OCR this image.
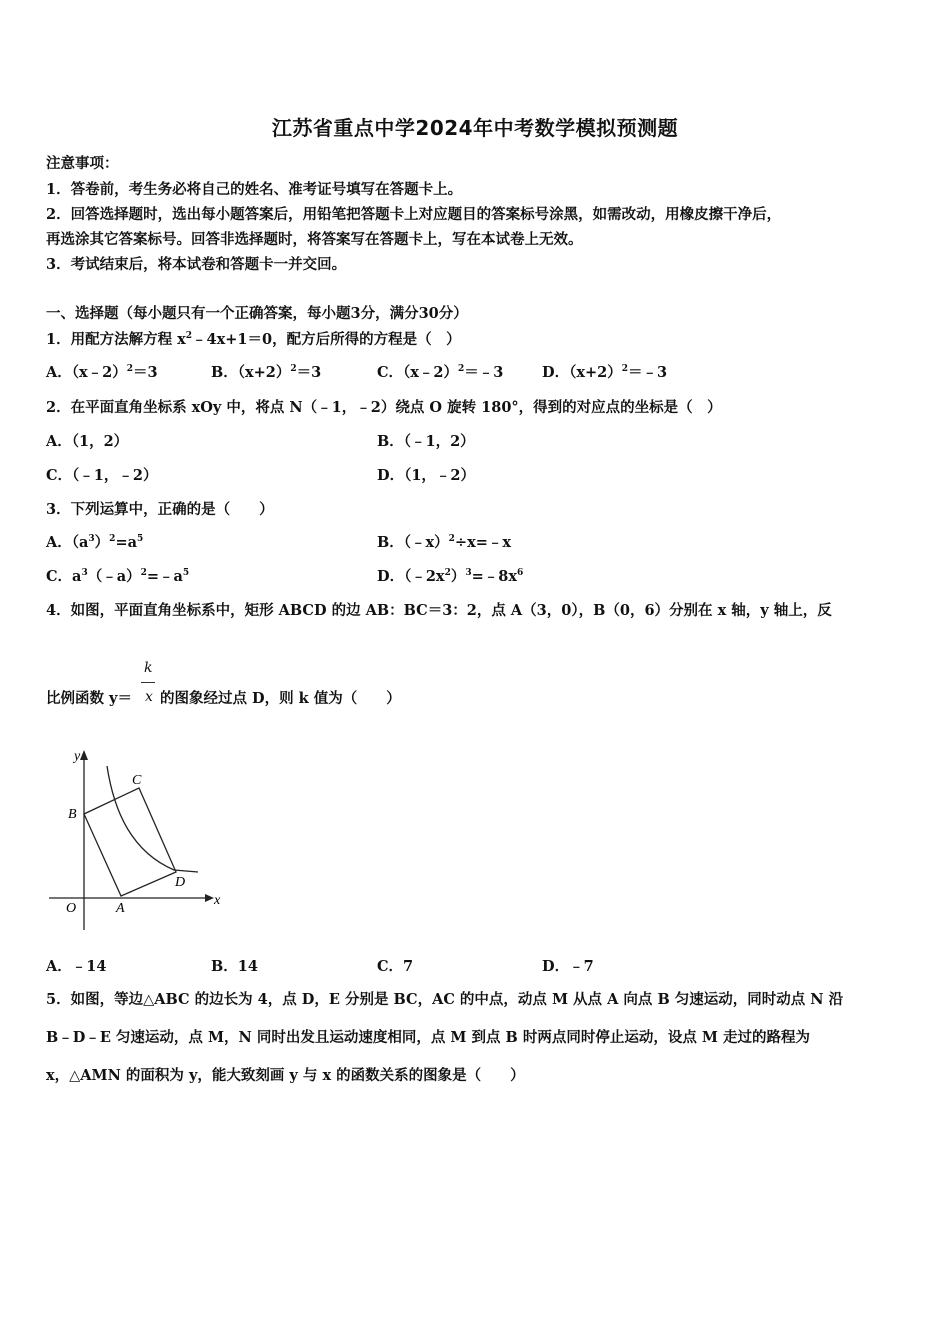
江苏省重点中学2024年中考数学模拟预测题
注意事项：
1．答卷前，考生务必将自己的姓名、准考证号填写在答题卡上。
2．回答选择题时，选出每小题答案后，用铅笔把答题卡上对应题目的答案标号涂黑，如需改动，用橡皮擦干净后，
再选涂其它答案标号。回答非选择题时，将答案写在答题卡上，写在本试卷上无效。
3．考试结束后，将本试卷和答题卡一并交回。
一、选择题（每小题只有一个正确答案，每小题3分，满分30分）
1．用配方法解方程 $x^2﹣4x+1=0$，配方后所得的方程是（　）
A．（x﹣2）$^2$＝3	B．$(x+2)^2=3$	C．（x﹣2）$^2$＝﹣3	D．$(x+2)^2=﹣3$
2．在平面直角坐标系 xOy 中，将点 N（﹣1，﹣2）绕点 O 旋转 180°，得到的对应点的坐标是（　）
A．（1，2）	B．（﹣1，2）
C．（﹣1，﹣2）	D．（1，﹣2）
3．下列运算中，正确的是（　　）
A．$(a^3)^2=a^5$	B．（﹣x）$^2$÷x=﹣x
C．$a^3(﹣a)^2=﹣a^5$	D．$(﹣2x^2)^3=﹣8x^6$
4．如图，平面直角坐标系中，矩形 ABCD 的边 AB：BC＝3：2，点 A（3，0），B（0，6）分别在 x 轴，y 轴上，反
比例函数 y＝
k
x 的图象经过点 D，则 k 值为（　　）
y
x
O	A
B
C
D
A．﹣14	B．14	C．7	D．﹣7
5．如图，等边△ABC 的边长为 4，点 D，E 分别是 BC，AC 的中点，动点 M 从点 A 向点 B 匀速运动，同时动点 N 沿
B﹣D﹣E 匀速运动，点 M，N 同时出发且运动速度相同，点 M 到点 B 时两点同时停止运动，设点 M 走过的路程为
x，△AMN 的面积为 y，能大致刻画 y 与 x 的函数关系的图象是（　　）
